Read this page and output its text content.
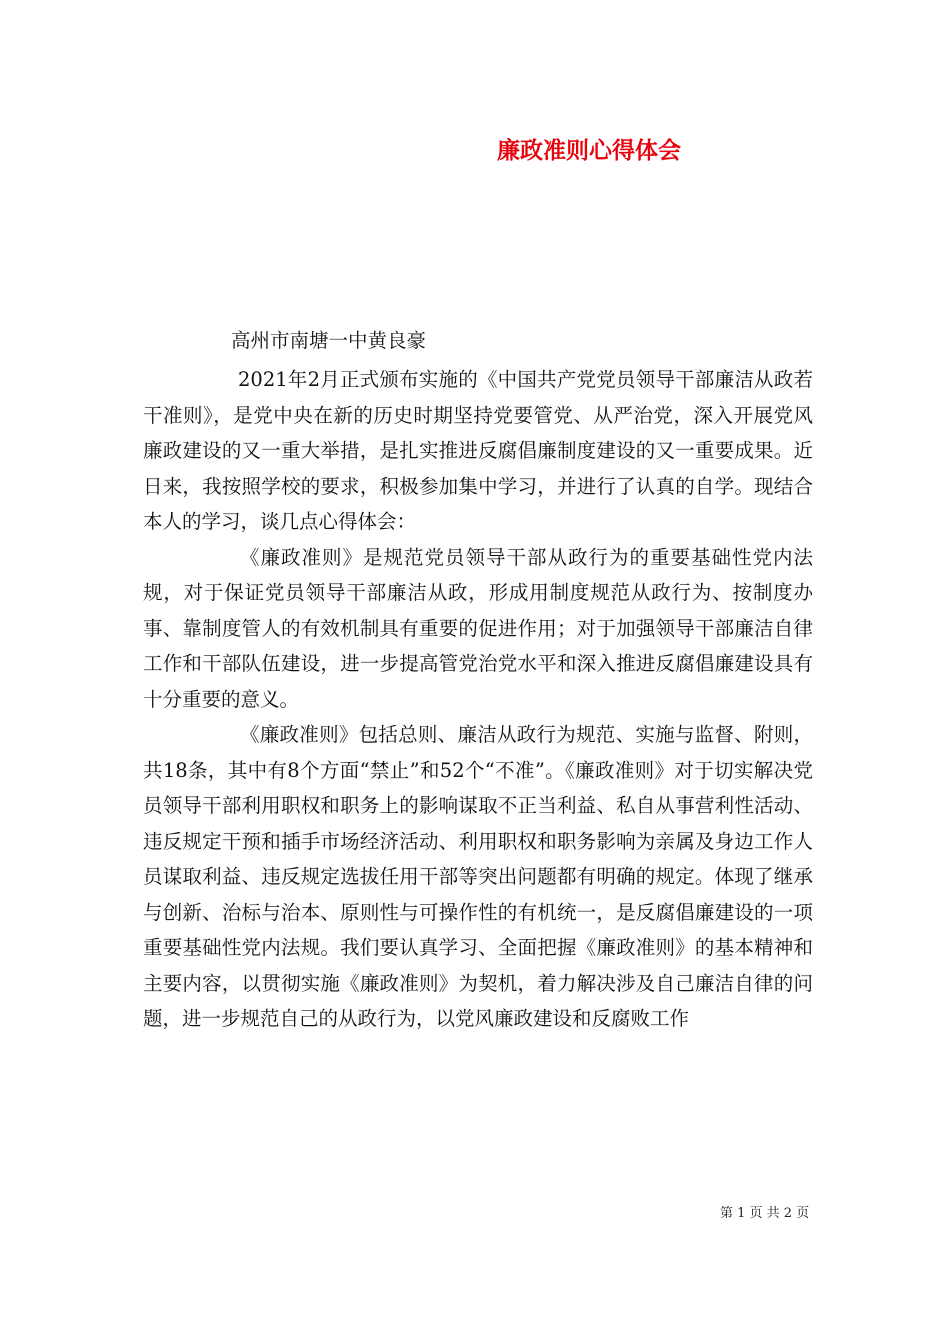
廉政准则心得体会
高州市南塘一中黄良豪

2021年2月正式颁布实施的《中国共产党党员领导干部廉洁从政若干准则》，是党中央在新的历史时期坚持党要管党、从严治党，深入开展党风廉政建设的又一重大举措，是扎实推进反腐倡廉制度建设的又一重要成果。近日来，我按照学校的要求，积极参加集中学习，并进行了认真的自学。现结合本人的学习，谈几点心得体会：

《廉政准则》是规范党员领导干部从政行为的重要基础性党内法规，对于保证党员领导干部廉洁从政，形成用制度规范从政行为、按制度办事、靠制度管人的有效机制具有重要的促进作用；对于加强领导干部廉洁自律工作和干部队伍建设，进一步提高管党治党水平和深入推进反腐倡廉建设具有十分重要的意义。

《廉政准则》包括总则、廉洁从政行为规范、实施与监督、附则，共18条，其中有8个方面“禁止”和52个“不准”。《廉政准则》对于切实解决党员领导干部利用职权和职务上的影响谋取不正当利益、私自从事营利性活动、违反规定干预和插手市场经济活动、利用职权和职务影响为亲属及身边工作人员谋取利益、违反规定选拔任用干部等突出问题都有明确的规定。体现了继承与创新、治标与治本、原则性与可操作性的有机统一，是反腐倡廉建设的一项重要基础性党内法规。我们要认真学习、全面把握《廉政准则》的基本精神和主要内容，以贯彻实施《廉政准则》为契机，着力解决涉及自己廉洁自律的问题，进一步规范自己的从政行为，以党风廉政建设和反腐败工作

第 1 页 共 2 页
